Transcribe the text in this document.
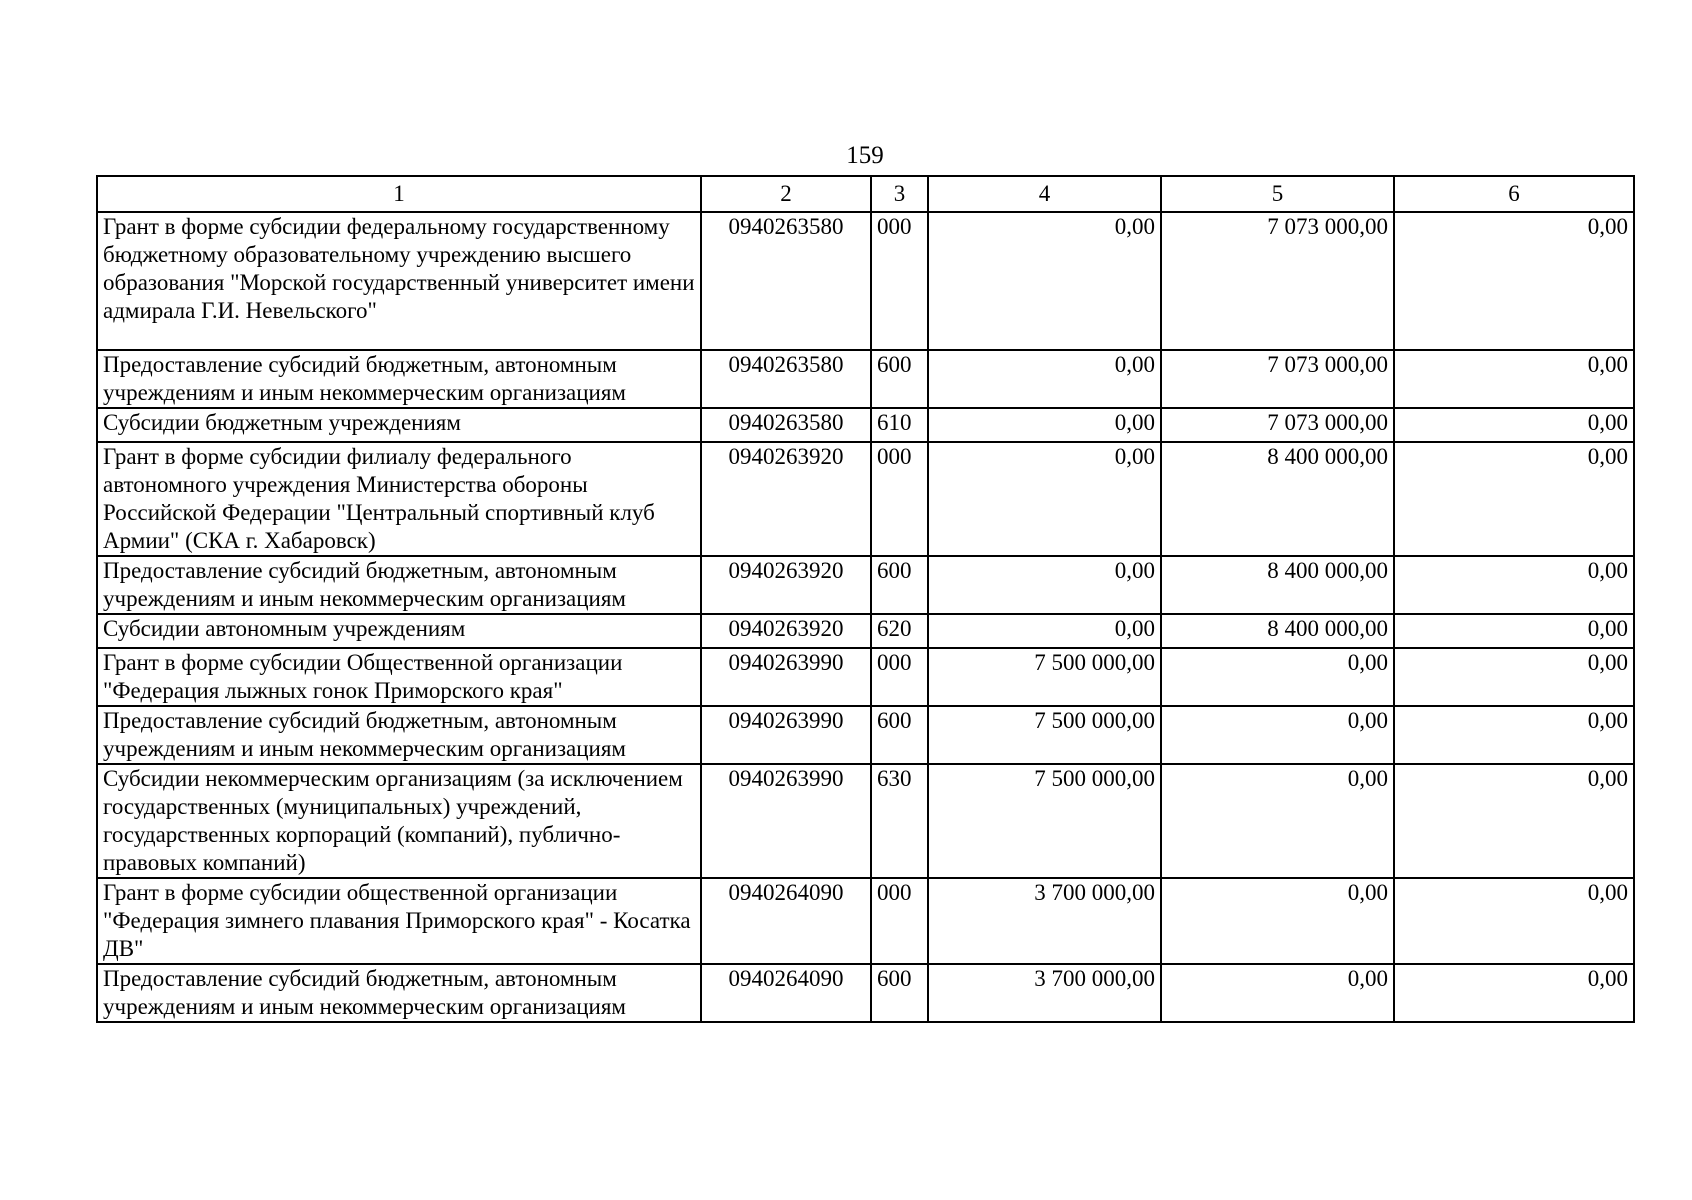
159
1	2	3	4	5	6
Грант в форме субсидии федеральному государственному бюджетному образовательному учреждению высшего образования "Морской государственный университет имени адмирала Г.И. Невельского"	0940263580	000	0,00	7 073 000,00	0,00
Предоставление субсидий бюджетным, автономным учреждениям и иным некоммерческим организациям	0940263580	600	0,00	7 073 000,00	0,00
Субсидии бюджетным учреждениям	0940263580	610	0,00	7 073 000,00	0,00
Грант в форме субсидии филиалу федерального автономного учреждения Министерства обороны Российской Федерации "Центральный спортивный клуб Армии" (СКА г. Хабаровск)	0940263920	000	0,00	8 400 000,00	0,00
Предоставление субсидий бюджетным, автономным учреждениям и иным некоммерческим организациям	0940263920	600	0,00	8 400 000,00	0,00
Субсидии автономным учреждениям	0940263920	620	0,00	8 400 000,00	0,00
Грант в форме субсидии Общественной организации "Федерация лыжных гонок Приморского края"	0940263990	000	7 500 000,00	0,00	0,00
Предоставление субсидий бюджетным, автономным учреждениям и иным некоммерческим организациям	0940263990	600	7 500 000,00	0,00	0,00
Субсидии некоммерческим организациям (за исключением государственных (муниципальных) учреждений, государственных корпораций (компаний), публично-правовых компаний)	0940263990	630	7 500 000,00	0,00	0,00
Грант в форме субсидии общественной организации "Федерация зимнего плавания Приморского края" - Косатка ДВ"	0940264090	000	3 700 000,00	0,00	0,00
Предоставление субсидий бюджетным, автономным учреждениям и иным некоммерческим организациям	0940264090	600	3 700 000,00	0,00	0,00
